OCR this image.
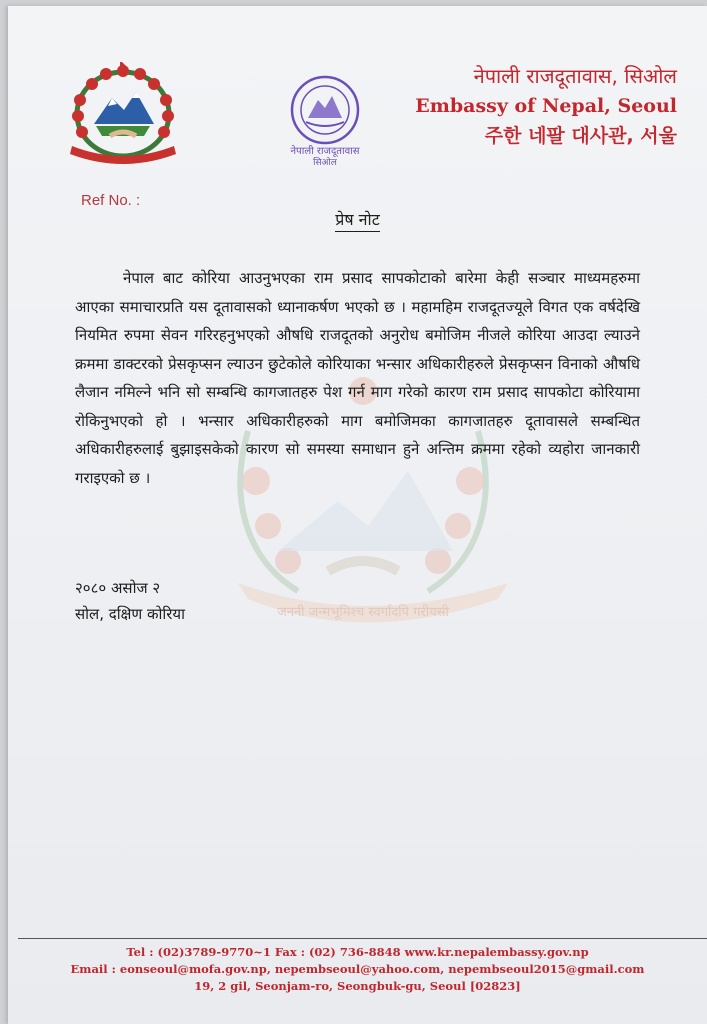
जननी जन्मभूमिश्च स्वर्गादपि गरीयसी
नेपाली राजदूतावास
सिओल
नेपाली राजदूतावास, सिओल
Embassy of Nepal, Seoul
주한 네팔 대사관, 서울
Ref No. :
प्रेष नोट
नेपाल बाट कोरिया आउनुभएका राम प्रसाद सापकोटाको बारेमा केही सञ्चार माध्यमहरुमा आएका समाचारप्रति यस दूतावासको ध्यानाकर्षण भएको छ । महामहिम राजदूतज्यूले विगत एक वर्षदेखि नियमित रुपमा सेवन गरिरहनुभएको औषधि राजदूतको अनुरोध बमोजिम नीजले कोरिया आउदा ल्याउने क्रममा डाक्टरको प्रेसकृप्सन ल्याउन छुटेकोले कोरियाका भन्सार अधिकारीहरुले प्रेसकृप्सन विनाको औषधि लैजान नमिल्ने भनि सो सम्बन्धि कागजातहरु पेश गर्न माग गरेको कारण राम प्रसाद सापकोटा कोरियामा रोकिनुभएको हो । भन्सार अधिकारीहरुको माग बमोजिमका कागजातहरु दूतावासले सम्बन्धित अधिकारीहरुलाई बुझाइसकेको कारण सो समस्या समाधान हुने अन्तिम क्रममा रहेको व्यहोरा जानकारी गराइएको छ ।
२०८० असोज २
सोल, दक्षिण कोरिया
Tel : (02)3789-9770~1 Fax : (02) 736-8848 www.kr.nepalembassy.gov.np
Email : eonseoul@mofa.gov.np, nepembseoul@yahoo.com, nepembseoul2015@gmail.com
19, 2 gil, Seonjam-ro, Seongbuk-gu, Seoul [02823]
